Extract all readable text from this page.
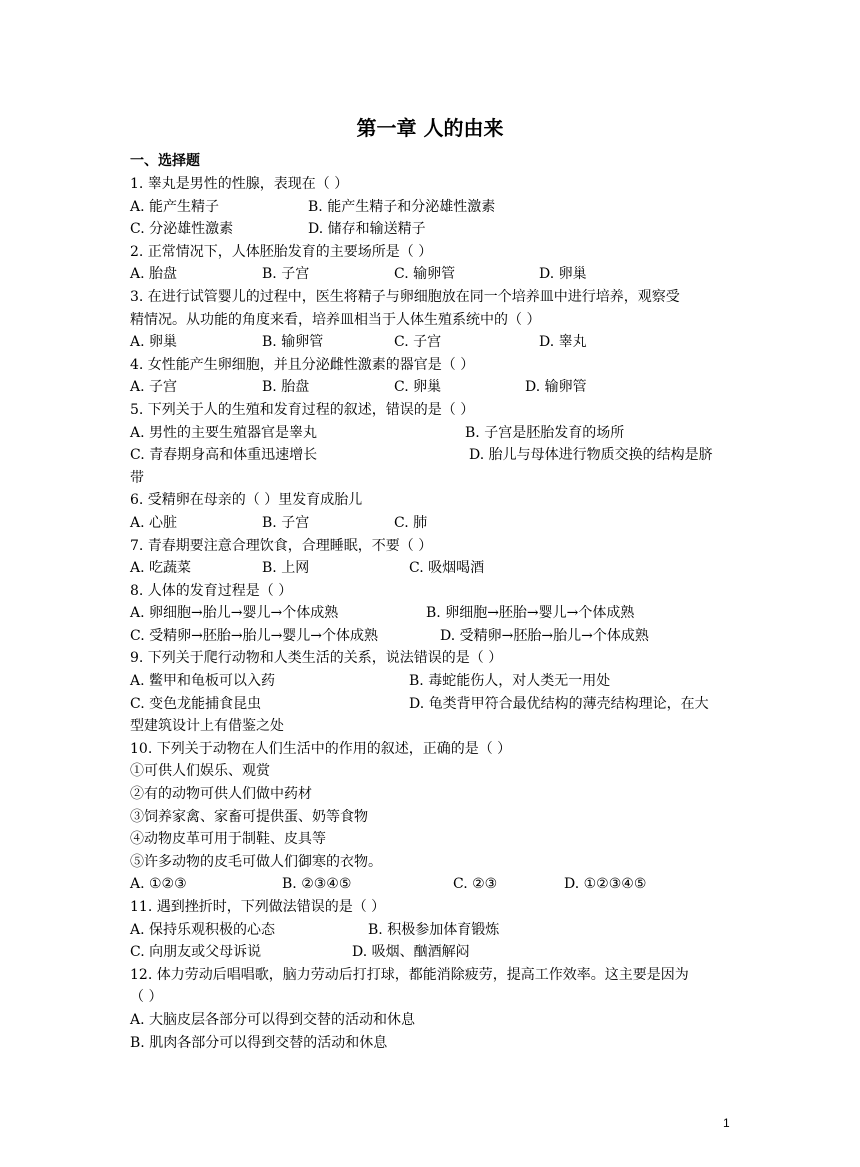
第一章 人的由来
一、选择题
1. 睾丸是男性的性腺，表现在（ ）
A. 能产生精子	B. 能产生精子和分泌雄性激素
C. 分泌雄性激素	D. 储存和输送精子
2. 正常情况下，人体胚胎发育的主要场所是（ ）
A. 胎盘	B. 子宫	C. 输卵管	D. 卵巢
3. 在进行试管婴儿的过程中，医生将精子与卵细胞放在同一个培养皿中进行培养，观察受
精情况。从功能的角度来看，培养皿相当于人体生殖系统中的（ ）
A. 卵巢	B. 输卵管	C. 子宫	D. 睾丸
4. 女性能产生卵细胞，并且分泌雌性激素的器官是（ ）
A. 子宫	B. 胎盘	C. 卵巢	D. 输卵管
5. 下列关于人的生殖和发育过程的叙述，错误的是（ ）
A. 男性的主要生殖器官是睾丸	B. 子宫是胚胎发育的场所
C. 青春期身高和体重迅速增长	D. 胎儿与母体进行物质交换的结构是脐
带
6. 受精卵在母亲的（ ）里发育成胎儿
A. 心脏	B. 子宫	C. 肺
7. 青春期要注意合理饮食，合理睡眠，不要（ ）
A. 吃蔬菜	B. 上网	C. 吸烟喝酒
8. 人体的发育过程是（ ）
A. 卵细胞→胎儿→婴儿→个体成熟	B. 卵细胞→胚胎→婴儿→个体成熟
C. 受精卵→胚胎→胎儿→婴儿→个体成熟	D. 受精卵→胚胎→胎儿→个体成熟
9. 下列关于爬行动物和人类生活的关系，说法错误的是（ ）
A. 鳖甲和龟板可以入药	B. 毒蛇能伤人，对人类无一用处
C. 变色龙能捕食昆虫	D. 龟类背甲符合最优结构的薄壳结构理论，在大
型建筑设计上有借鉴之处
10. 下列关于动物在人们生活中的作用的叙述，正确的是（ ）
①可供人们娱乐、观赏
②有的动物可供人们做中药材
③饲养家禽、家畜可提供蛋、奶等食物
④动物皮革可用于制鞋、皮具等
⑤许多动物的皮毛可做人们御寒的衣物。
A. ①②③	B. ②③④⑤	C. ②③	D. ①②③④⑤
11. 遇到挫折时，下列做法错误的是（ ）
A. 保持乐观积极的心态	B. 积极参加体育锻炼
C. 向朋友或父母诉说	D. 吸烟、酗酒解闷
12. 体力劳动后唱唱歌，脑力劳动后打打球，都能消除疲劳，提高工作效率。这主要是因为
（ ）
A. 大脑皮层各部分可以得到交替的活动和休息
B. 肌肉各部分可以得到交替的活动和休息
1
